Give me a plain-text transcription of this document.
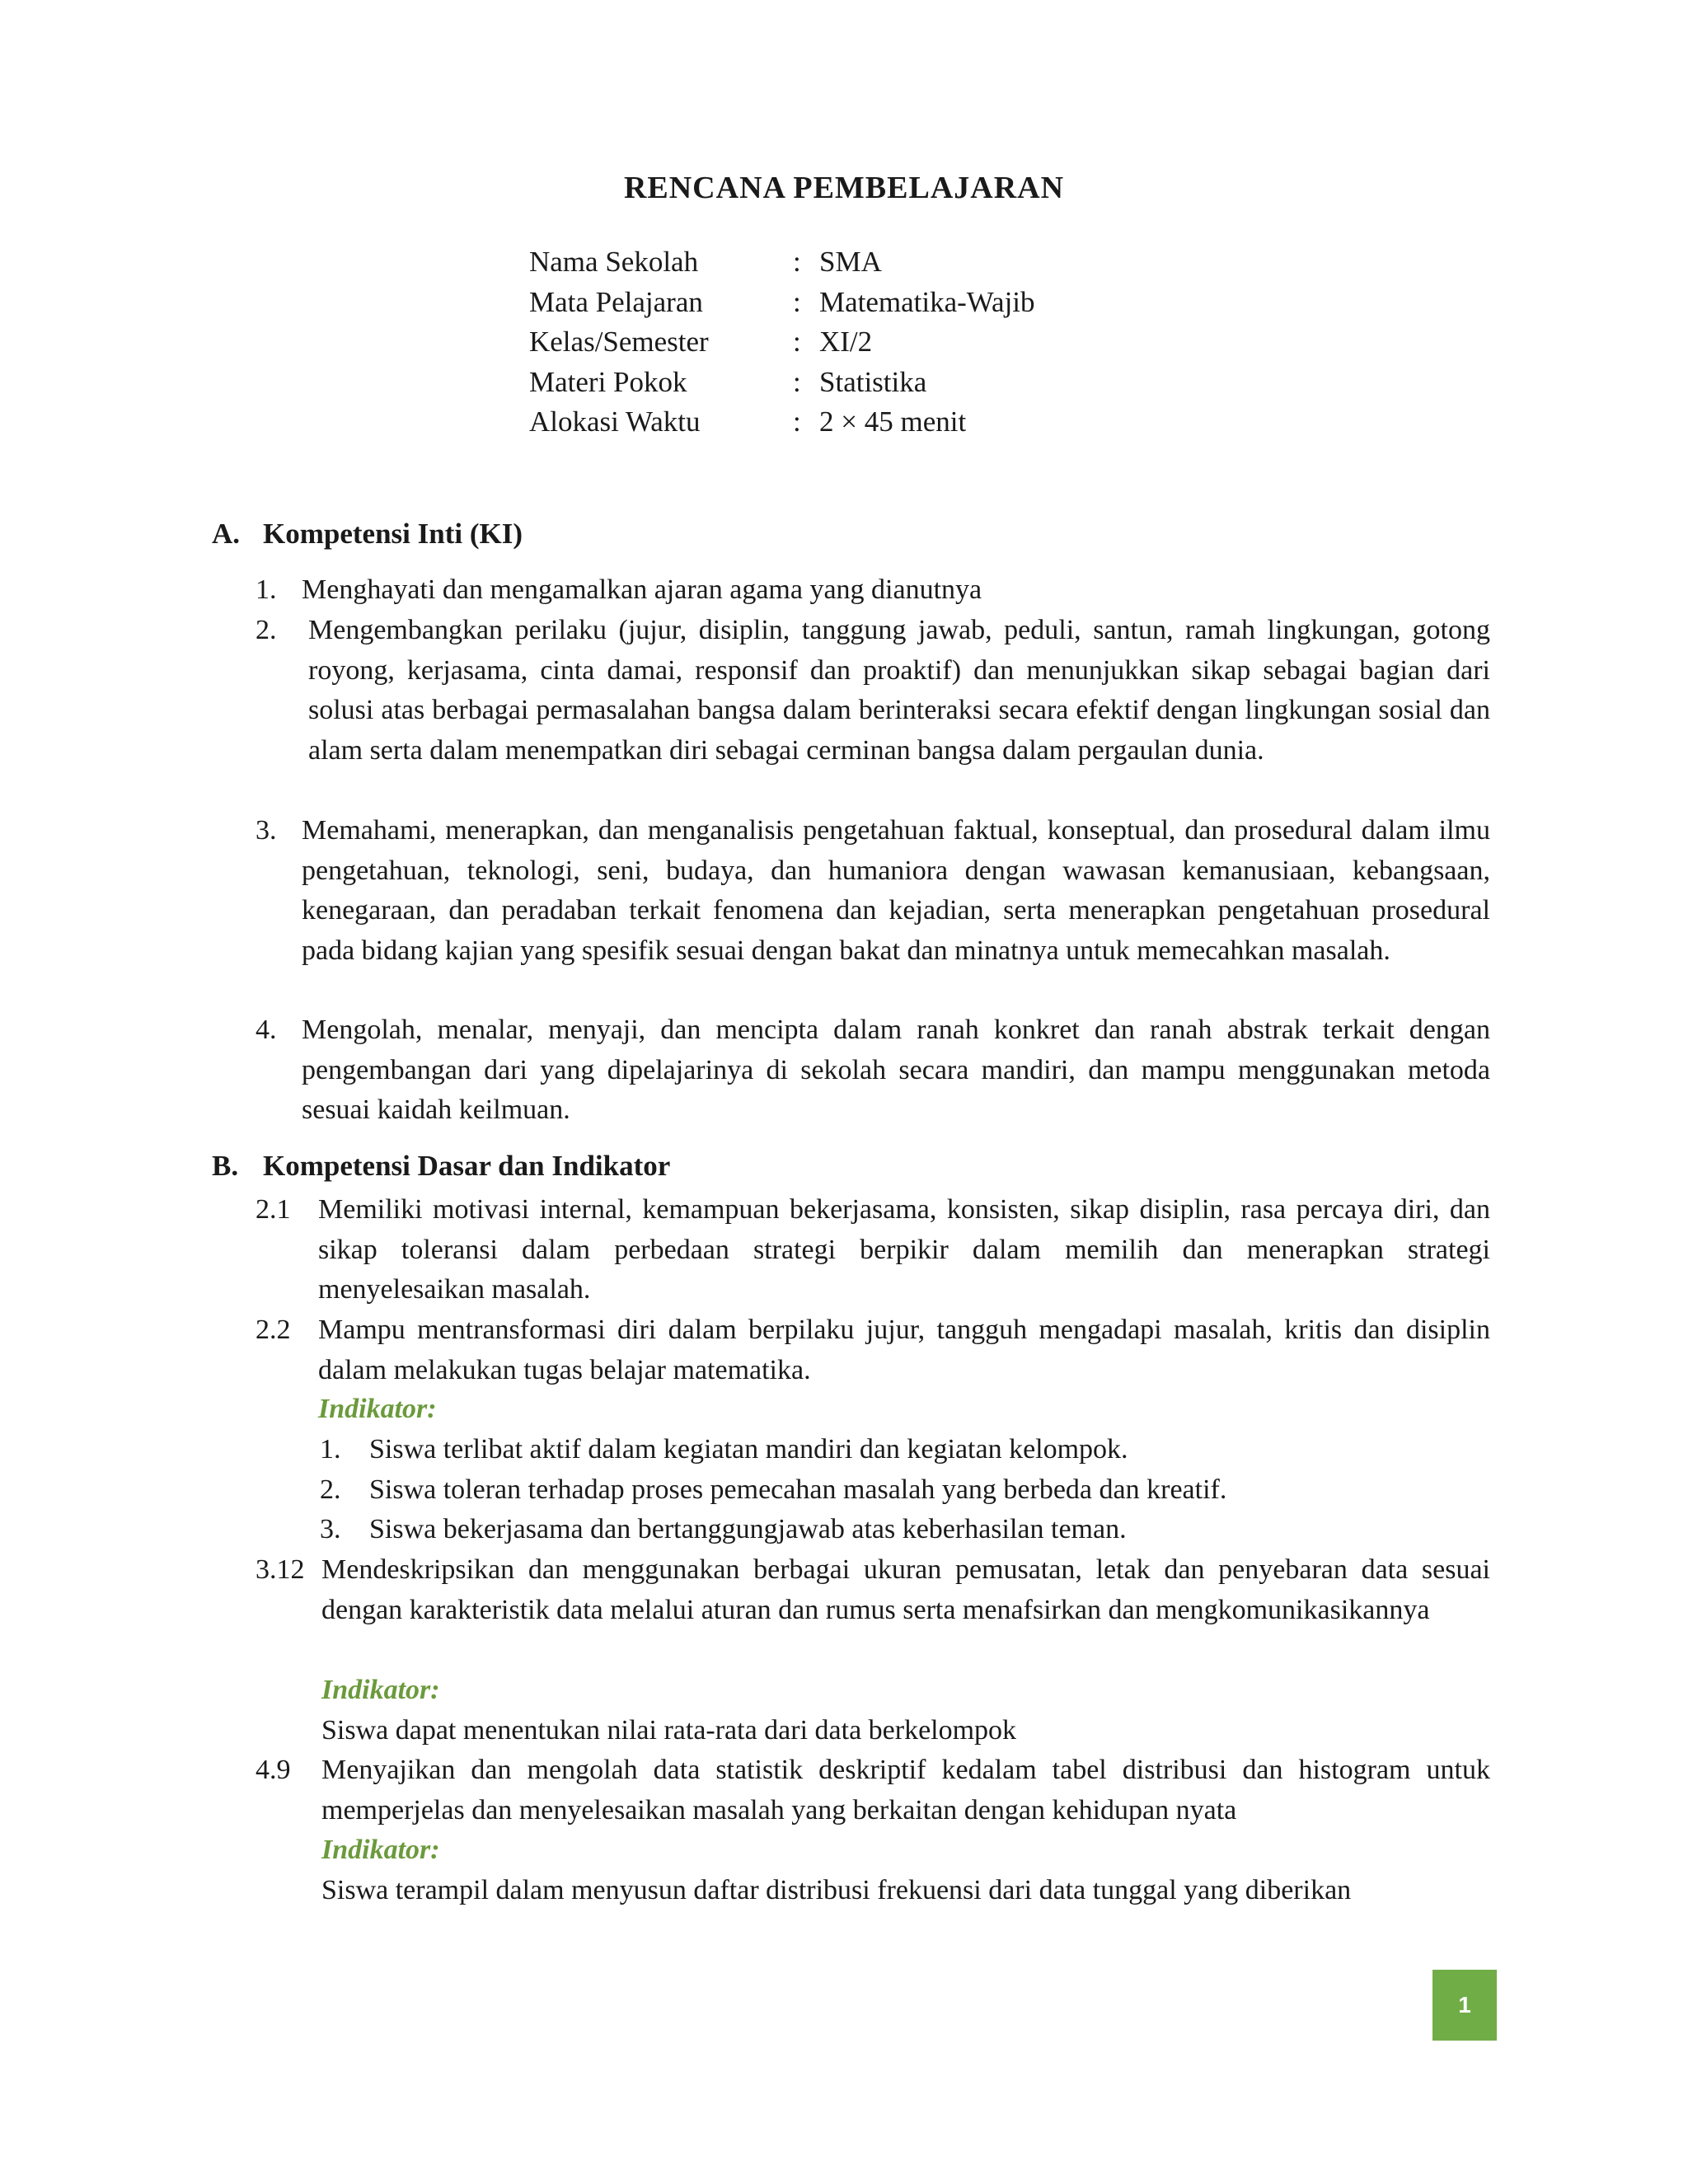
RENCANA PEMBELAJARAN
Nama Sekolah	: SMA
Mata Pelajaran	: Matematika-Wajib
Kelas/Semester	: XI/2
Materi Pokok	: Statistika
Alokasi Waktu	: 2 × 45 menit
A. Kompetensi Inti (KI)
1. Menghayati dan mengamalkan ajaran agama yang dianutnya
2.	Mengembangkan perilaku (jujur, disiplin, tanggung jawab, peduli, santun, ramah lingkungan, gotong royong, kerjasama, cinta damai, responsif dan proaktif) dan menunjukkan sikap sebagai bagian dari solusi atas berbagai permasalahan bangsa dalam berinteraksi secara efektif dengan lingkungan sosial dan alam serta dalam menempatkan diri sebagai cerminan bangsa dalam pergaulan dunia.
3. Memahami, menerapkan, dan menganalisis pengetahuan faktual, konseptual, dan prosedural dalam ilmu pengetahuan, teknologi, seni, budaya, dan humaniora dengan wawasan kemanusiaan, kebangsaan, kenegaraan, dan peradaban terkait fenomena dan kejadian, serta menerapkan pengetahuan prosedural pada bidang kajian yang spesifik sesuai dengan bakat dan minatnya untuk memecahkan masalah.
4. Mengolah, menalar, menyaji, dan mencipta dalam ranah konkret dan ranah abstrak terkait dengan pengembangan dari yang dipelajarinya di sekolah secara mandiri, dan mampu menggunakan metoda sesuai kaidah keilmuan.
B. Kompetensi Dasar dan Indikator
2.1 Memiliki motivasi internal, kemampuan bekerjasama, konsisten, sikap disiplin, rasa percaya diri, dan sikap toleransi dalam perbedaan strategi berpikir dalam memilih dan menerapkan strategi menyelesaikan masalah.
2.2 Mampu mentransformasi diri dalam berpilaku jujur, tangguh mengadapi masalah, kritis dan disiplin dalam melakukan tugas belajar matematika.
Indikator:
1.	Siswa terlibat aktif dalam kegiatan mandiri dan kegiatan kelompok.
2.	Siswa toleran terhadap proses pemecahan masalah yang berbeda dan kreatif.
3.	Siswa bekerjasama dan bertanggungjawab atas keberhasilan teman.
3.12 Mendeskripsikan dan menggunakan berbagai ukuran pemusatan, letak dan penyebaran data sesuai dengan karakteristik data melalui aturan dan rumus serta menafsirkan dan mengkomunikasikannya
Indikator:
Siswa dapat menentukan nilai rata-rata dari data berkelompok
4.9	Menyajikan dan mengolah data statistik deskriptif kedalam tabel distribusi dan histogram untuk memperjelas dan menyelesaikan masalah yang berkaitan dengan kehidupan nyata
Indikator:
Siswa terampil dalam menyusun daftar distribusi frekuensi dari data tunggal yang diberikan
1
